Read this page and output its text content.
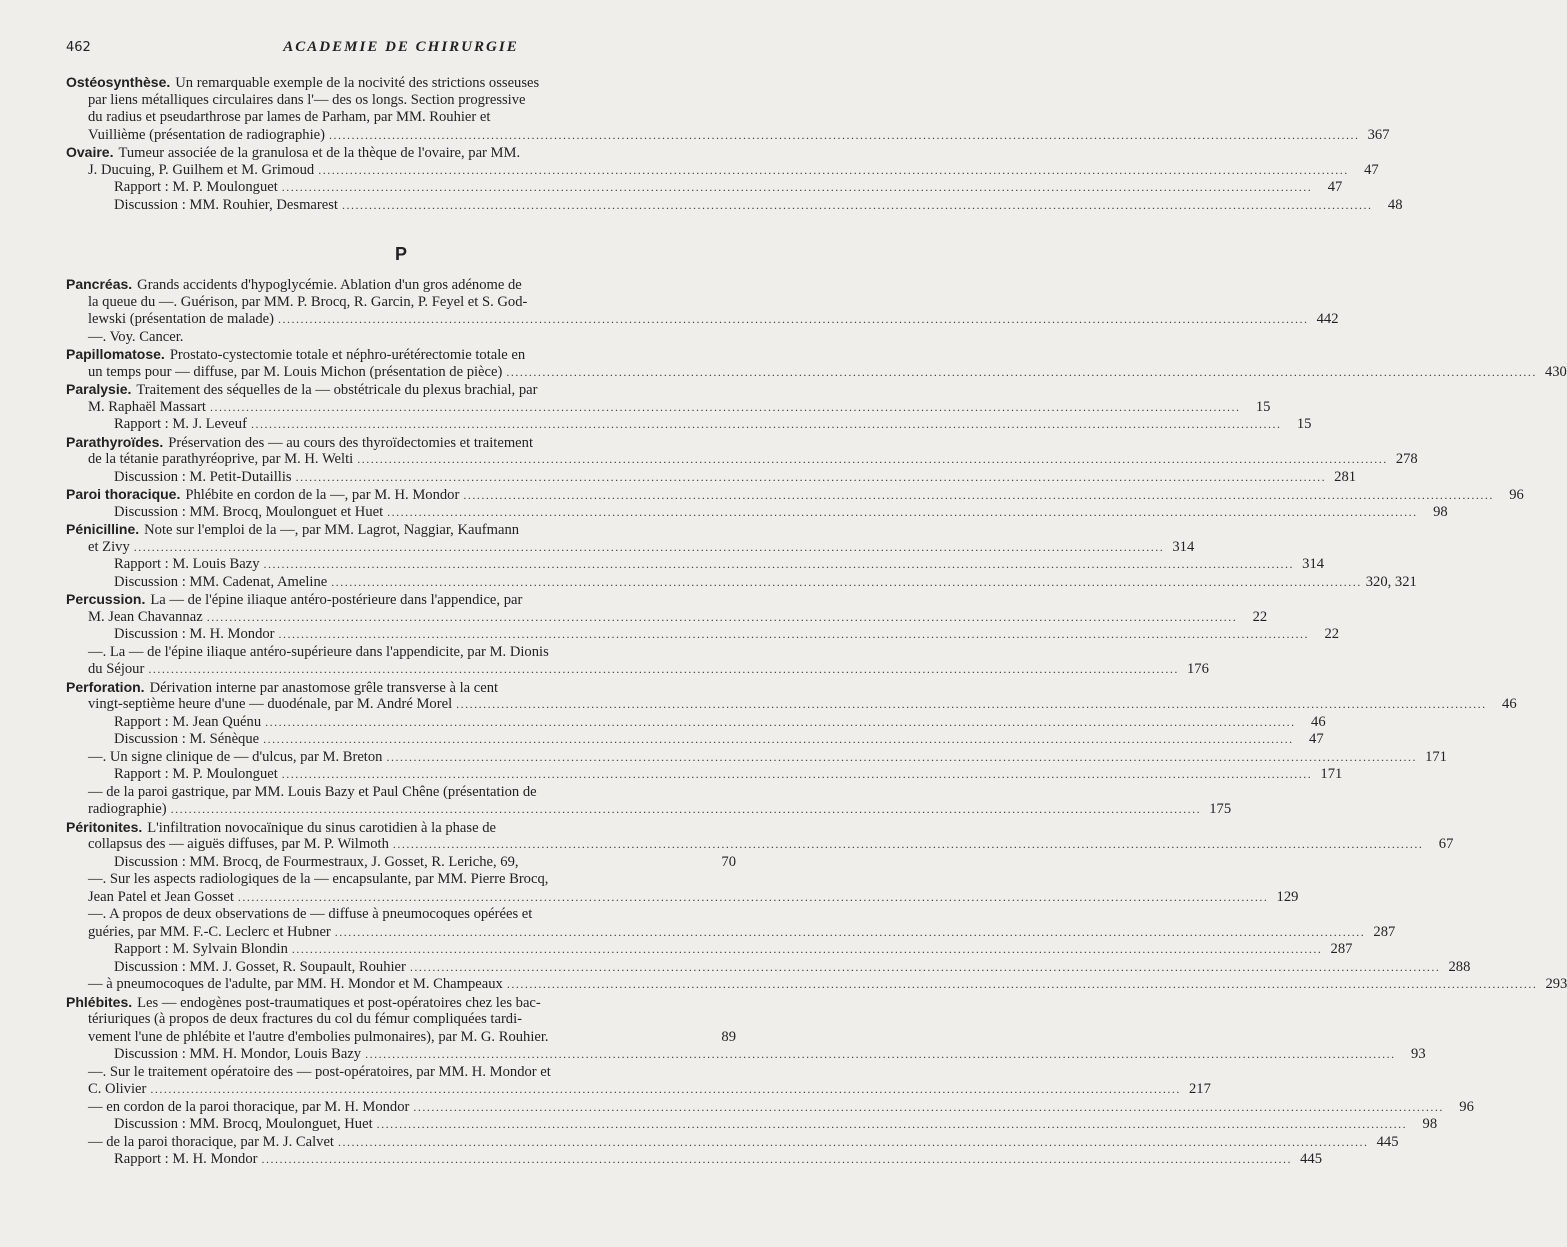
462	ACADEMIE DE CHIRURGIE
Ostéosynthèse. Un remarquable exemple de la nocivité des strictions osseuses
par liens métalliques circulaires dans l'— des os longs. Section progressive
du radius et pseudarthrose par lames de Parham, par MM. Rouhier et
Vuillième (présentation de radiographie) .....	367
Ovaire. Tumeur associée de la granulosa et de la thèque de l'ovaire, par MM.
J. Ducuing, P. Guilhem et M. Grimoud .....	47
Rapport : M. P. Moulonguet .....	47
Discussion : MM. Rouhier, Desmarest .....	48
P
Pancréas. Grands accidents d'hypoglycémie. Ablation d'un gros adénome de
la queue du —. Guérison, par MM. P. Brocq, R. Garcin, P. Feyel et S. God-
lewski (présentation de malade) .....	442
—. Voy. Cancer.
Papillomatose. Prostato-cystectomie totale et néphro-urétérectomie totale en
un temps pour — diffuse, par M. Louis Michon (présentation de pièce) .....	430
Paralysie. Traitement des séquelles de la — obstétricale du plexus brachial, par
M. Raphaël Massart .....	15
Rapport : M. J. Leveuf .....	15
Parathyroïdes. Préservation des — au cours des thyroïdectomies et traitement
de la tétanie parathyréoprive, par M. H. Welti .....	278
Discussion : M. Petit-Dutaillis .....	281
Paroi thoracique. Phlébite en cordon de la —, par M. H. Mondor .....	96
Discussion : MM. Brocq, Moulonguet et Huet .....	98
Pénicilline. Note sur l'emploi de la —, par MM. Lagrot, Naggiar, Kaufmann
et Zivy .....	314
Rapport : M. Louis Bazy .....	314
Discussion : MM. Cadenat, Ameline .....	320, 321
Percussion. La — de l'épine iliaque antéro-postérieure dans l'appendice, par
M. Jean Chavannaz .....	22
Discussion : M. H. Mondor .....	22
—. La — de l'épine iliaque antéro-supérieure dans l'appendicite, par M. Dionis
du Séjour .....	176
Perforation. Dérivation interne par anastomose grêle transverse à la cent
vingt-septième heure d'une — duodénale, par M. André Morel .....	46
Rapport : M. Jean Quénu .....	46
Discussion : M. Sénèque .....	47
—. Un signe clinique de — d'ulcus, par M. Breton .....	171
Rapport : M. P. Moulonguet .....	171
— de la paroi gastrique, par MM. Louis Bazy et Paul Chêne (présentation de
radiographie) .....	175
Péritonites. L'infiltration novocaïnique du sinus carotidien à la phase de
collapsus des — aiguës diffuses, par M. P. Wilmoth .....	67
Discussion : MM. Brocq, de Fourmestraux, J. Gosset, R. Leriche, 69,	70
—. Sur les aspects radiologiques de la — encapsulante, par MM. Pierre Brocq,
Jean Patel et Jean Gosset .....	129
—. A propos de deux observations de — diffuse à pneumocoques opérées et
guéries, par MM. F.-C. Leclerc et Hubner .....	287
Rapport : M. Sylvain Blondin .....	287
Discussion : MM. J. Gosset, R. Soupault, Rouhier .....	288
— à pneumocoques de l'adulte, par MM. H. Mondor et M. Champeaux .....	293
Phlébites. Les — endogènes post-traumatiques et post-opératoires chez les bac-
tériuriques (à propos de deux fractures du col du fémur compliquées tardi-
vement l'une de phlébite et l'autre d'embolies pulmonaires), par M. G. Rouhier.	89
Discussion : MM. H. Mondor, Louis Bazy .....	93
—. Sur le traitement opératoire des — post-opératoires, par MM. H. Mondor et
C. Olivier .....	217
— en cordon de la paroi thoracique, par M. H. Mondor .....	96
Discussion : MM. Brocq, Moulonguet, Huet .....	98
— de la paroi thoracique, par M. J. Calvet .....	445
Rapport : M. H. Mondor .....	445
